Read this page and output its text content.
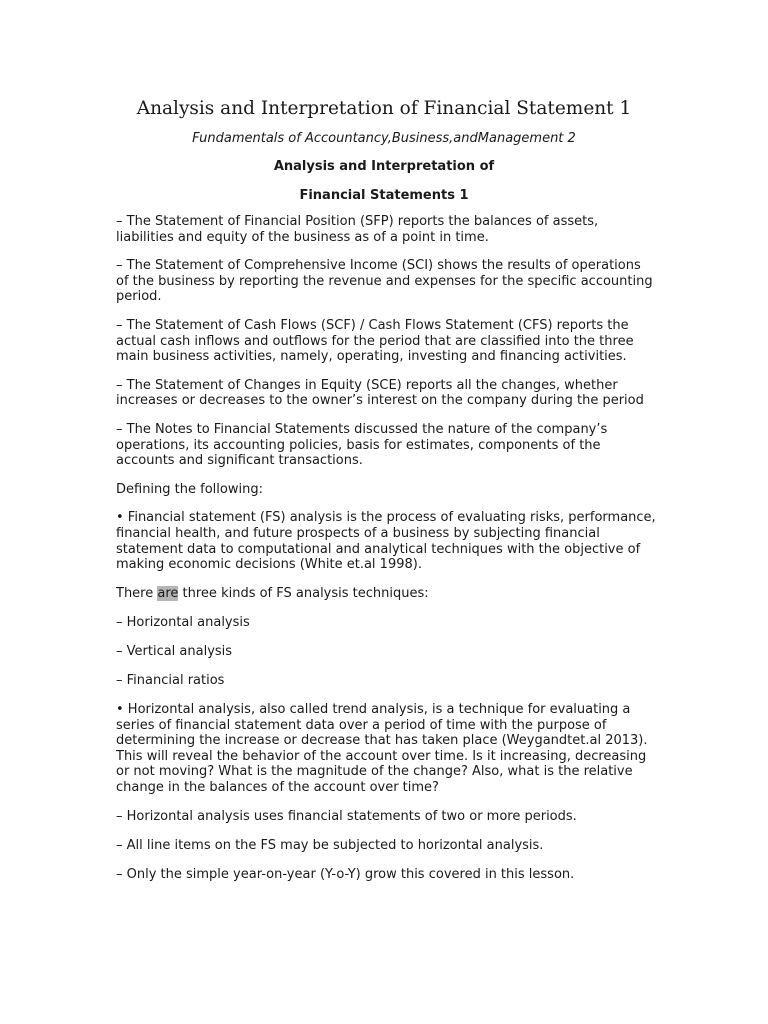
Analysis and Interpretation of Financial Statement 1
Fundamentals of Accountancy,Business,andManagement 2
Analysis and Interpretation of
Financial Statements 1

– The Statement of Financial Position (SFP) reports the balances of assets, liabilities and equity of the business as of a point in time.

– The Statement of Comprehensive Income (SCI) shows the results of operations of the business by reporting the revenue and expenses for the specific accounting period.

– The Statement of Cash Flows (SCF) / Cash Flows Statement (CFS) reports the actual cash inflows and outflows for the period that are classified into the three main business activities, namely, operating, investing and financing activities.

– The Statement of Changes in Equity (SCE) reports all the changes, whether increases or decreases to the owner’s interest on the company during the period

– The Notes to Financial Statements discussed the nature of the company’s operations, its accounting policies, basis for estimates, components of the accounts and significant transactions.

Defining the following:

• Financial statement (FS) analysis is the process of evaluating risks, performance, financial health, and future prospects of a business by subjecting financial statement data to computational and analytical techniques with the objective of making economic decisions (White et.al 1998).

There are three kinds of FS analysis techniques:

– Horizontal analysis

– Vertical analysis

– Financial ratios

• Horizontal analysis, also called trend analysis, is a technique for evaluating a series of financial statement data over a period of time with the purpose of determining the increase or decrease that has taken place (Weygandtet.al 2013). This will reveal the behavior of the account over time. Is it increasing, decreasing or not moving? What is the magnitude of the change? Also, what is the relative change in the balances of the account over time?

– Horizontal analysis uses financial statements of two or more periods.

– All line items on the FS may be subjected to horizontal analysis.

– Only the simple year-on-year (Y-o-Y) grow this covered in this lesson.
